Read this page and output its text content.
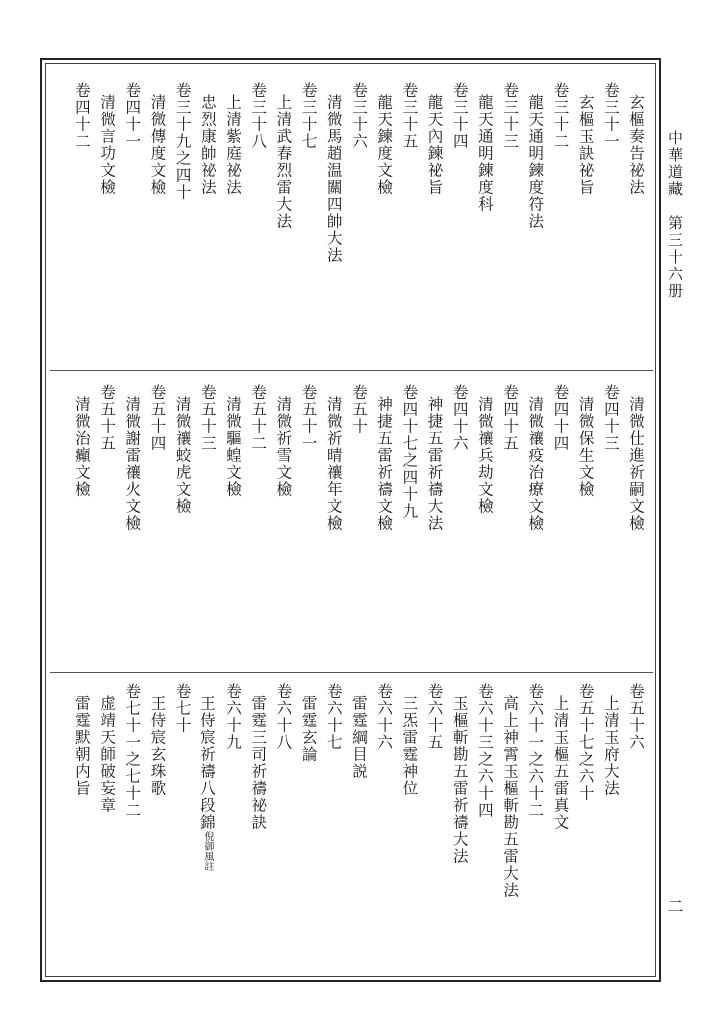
中華道藏　第三十六册
二
玄樞奏告祕法
卷三十一
玄樞玉訣祕旨
卷三十二
龍天通明鍊度符法
卷三十三
龍天通明鍊度科
卷三十四
龍天內鍊祕旨
卷三十五
龍天鍊度文檢
卷三十六
清微馬趙温關四帥大法
卷三十七
上清武春烈雷大法
卷三十八
上清紫庭祕法
忠烈康帥祕法
卷三十九之四十
清微傳度文檢
卷四十一
清微言功文檢
卷四十二
清微仕進祈嗣文檢
卷四十三
清微保生文檢
卷四十四
清微禳疫治療文檢
卷四十五
清微禳兵劫文檢
卷四十六
神捷五雷祈禱大法
卷四十七之四十九
神捷五雷祈禱文檢
卷五十
清微祈晴禳年文檢
卷五十一
清微祈雪文檢
卷五十二
清微驅蝗文檢
卷五十三
清微禳蛟虎文檢
卷五十四
清微謝雷禳火文檢
卷五十五
清微治癲文檢
卷五十六
上清玉府大法
卷五十七之六十
上清玉樞五雷真文
卷六十一之六十二
高上神霄玉樞斬勘五雷大法
卷六十三之六十四
玉樞斬勘五雷祈禱大法
卷六十五
三炁雷霆神位
卷六十六
雷霆綱目説
卷六十七
雷霆玄論
卷六十八
雷霆三司祈禱祕訣
卷六十九
王侍宸祈禱八段錦倪御風註
卷七十
王侍宸玄珠歌
卷七十一之七十二
虚靖天師破妄章
雷霆默朝内旨
